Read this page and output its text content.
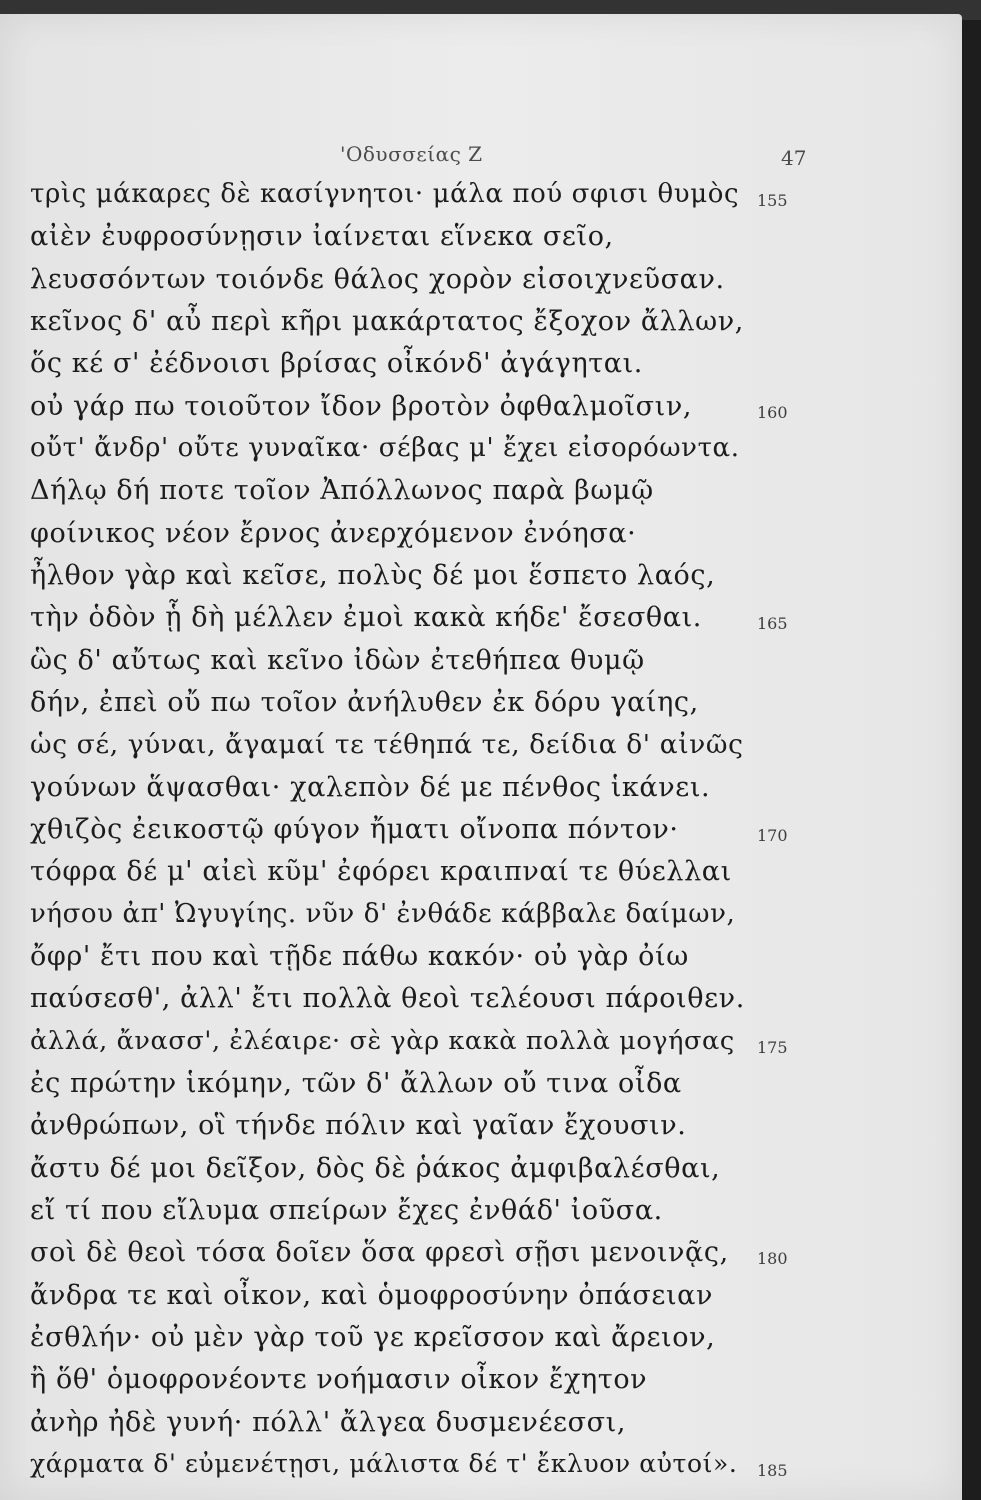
'Οδυσσείας Ζ	47
τρὶς μάκαρες δὲ κασίγνητοι· μάλα πού σφισι θυμὸς
αἰὲν ἐυφροσύνῃσιν ἰαίνεται εἵνεκα σεῖο,
λευσσόντων τοιόνδε θάλος χορὸν εἰσοιχνεῦσαν.
κεῖνος δ' αὖ περὶ κῆρι μακάρτατος ἔξοχον ἄλλων,
ὅς κέ σ' ἐέδνοισι βρίσας οἶκόνδ' ἀγάγηται.
οὐ γάρ πω τοιοῦτον ἴδον βροτὸν ὀφθαλμοῖσιν,
οὔτ' ἄνδρ' οὔτε γυναῖκα· σέβας μ' ἔχει εἰσορόωντα.
Δήλῳ δή ποτε τοῖον Ἀπόλλωνος παρὰ βωμῷ
φοίνικος νέον ἔρνος ἀνερχόμενον ἐνόησα·
ἦλθον γὰρ καὶ κεῖσε, πολὺς δέ μοι ἕσπετο λαός,
τὴν ὁδὸν ᾗ δὴ μέλλεν ἐμοὶ κακὰ κήδε' ἔσεσθαι.
ὣς δ' αὔτως καὶ κεῖνο ἰδὼν ἐτεθήπεα θυμῷ
δήν, ἐπεὶ οὔ πω τοῖον ἀνήλυθεν ἐκ δόρυ γαίης,
ὡς σέ, γύναι, ἄγαμαί τε τέθηπά τε, δείδια δ' αἰνῶς
γούνων ἅψασθαι· χαλεπὸν δέ με πένθος ἱκάνει.
χθιζὸς ἐεικοστῷ φύγον ἤματι οἴνοπα πόντον·
τόφρα δέ μ' αἰεὶ κῦμ' ἐφόρει κραιπναί τε θύελλαι
νήσου ἀπ' Ὠγυγίης. νῦν δ' ἐνθάδε κάββαλε δαίμων,
ὄφρ' ἔτι που καὶ τῇδε πάθω κακόν· οὐ γὰρ ὀίω
παύσεσθ', ἀλλ' ἔτι πολλὰ θεοὶ τελέουσι πάροιθεν.
ἀλλά, ἄνασσ', ἐλέαιρε· σὲ γὰρ κακὰ πολλὰ μογήσας
ἐς πρώτην ἱκόμην, τῶν δ' ἄλλων οὔ τινα οἶδα
ἀνθρώπων, οἳ τήνδε πόλιν καὶ γαῖαν ἔχουσιν.
ἄστυ δέ μοι δεῖξον, δὸς δὲ ῥάκος ἀμφιβαλέσθαι,
εἴ τί που εἴλυμα σπείρων ἔχες ἐνθάδ' ἰοῦσα.
σοὶ δὲ θεοὶ τόσα δοῖεν ὅσα φρεσὶ σῇσι μενοινᾷς,
ἄνδρα τε καὶ οἶκον, καὶ ὁμοφροσύνην ὀπάσειαν
ἐσθλήν· οὐ μὲν γὰρ τοῦ γε κρεῖσσον καὶ ἄρειον,
ἢ ὅθ' ὁμοφρονέοντε νοήμασιν οἶκον ἔχητον
ἀνὴρ ἠδὲ γυνή· πόλλ' ἄλγεα δυσμενέεσσι,
χάρματα δ' εὐμενέτῃσι, μάλιστα δέ τ' ἔκλυον αὐτοί».
155
160
165
170
175
180
185
